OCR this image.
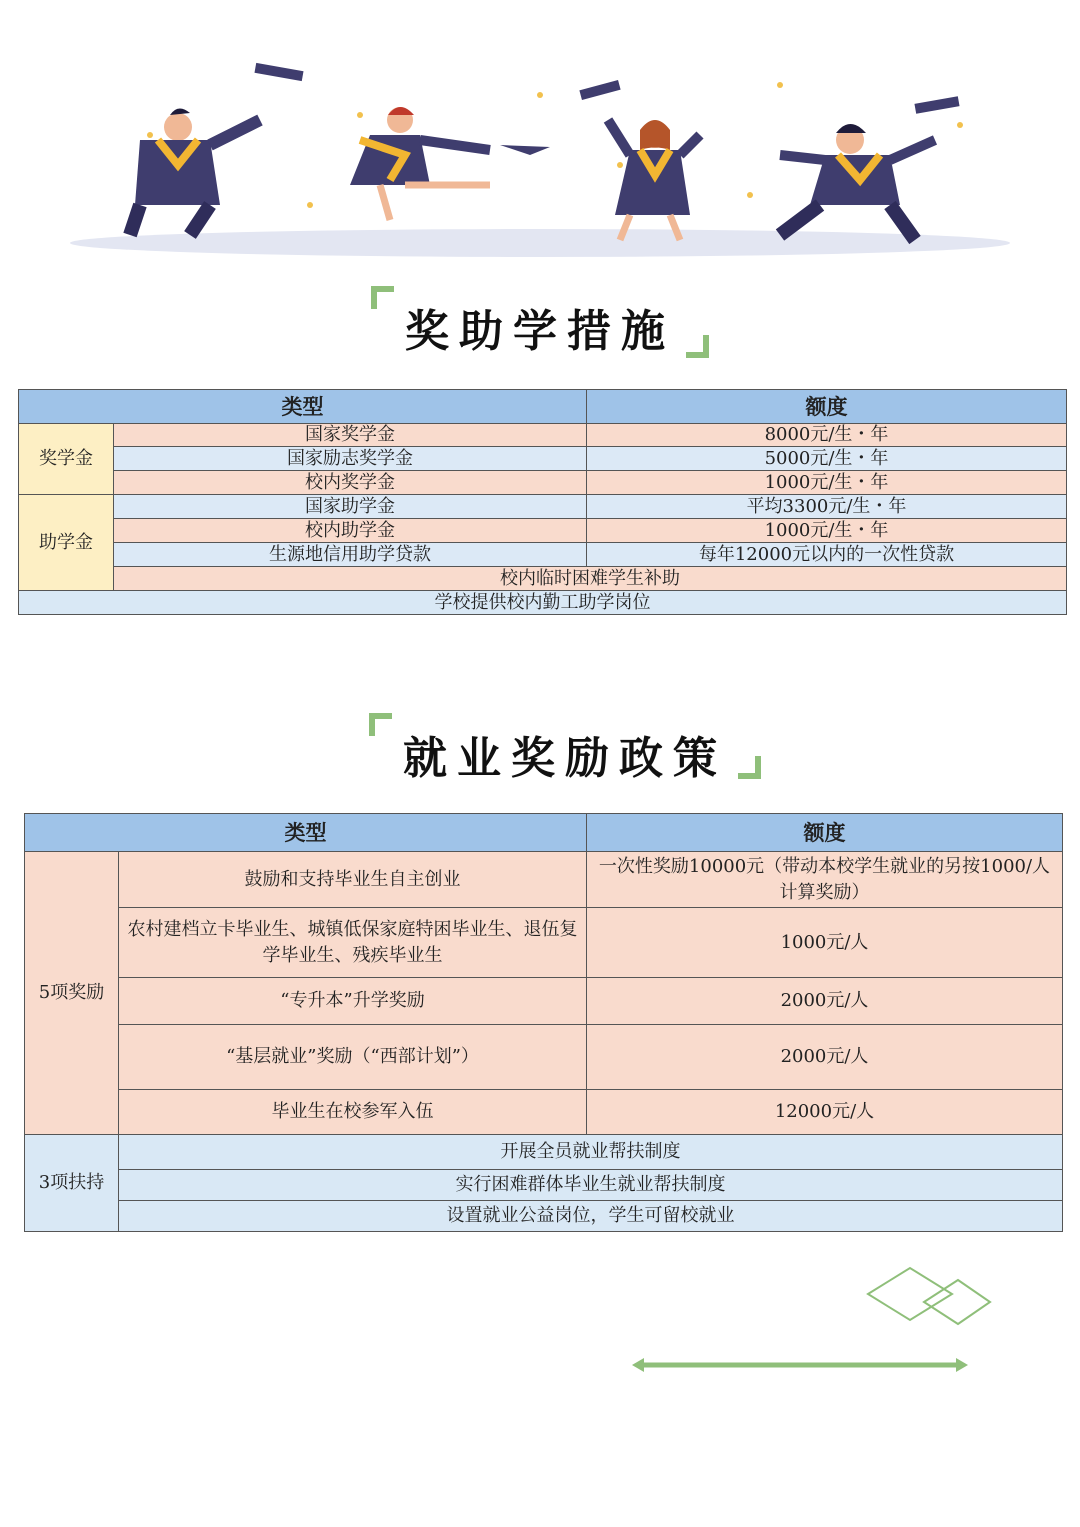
奖助学措施
类型		额度
奖学金	国家奖学金	8000元/生・年
	国家励志奖学金	5000元/生・年
	校内奖学金	1000元/生・年
助学金	国家助学金	平均3300元/生・年
	校内助学金	1000元/生・年
	生源地信用助学贷款	每年12000元以内的一次性贷款
	校内临时困难学生补助	
学校提供校内勤工助学岗位		
就业奖励政策
类型		额度
5项奖励	鼓励和支持毕业生自主创业	一次性奖励10000元（带动本校学生就业的另按1000/人计算奖励）
	农村建档立卡毕业生、城镇低保家庭特困毕业生、退伍复学毕业生、残疾毕业生	1000元/人
	“专升本”升学奖励	2000元/人
	“基层就业”奖励（“西部计划”）	2000元/人
	毕业生在校参军入伍	12000元/人
3项扶持	开展全员就业帮扶制度	
	实行困难群体毕业生就业帮扶制度	
	设置就业公益岗位，学生可留校就业	
